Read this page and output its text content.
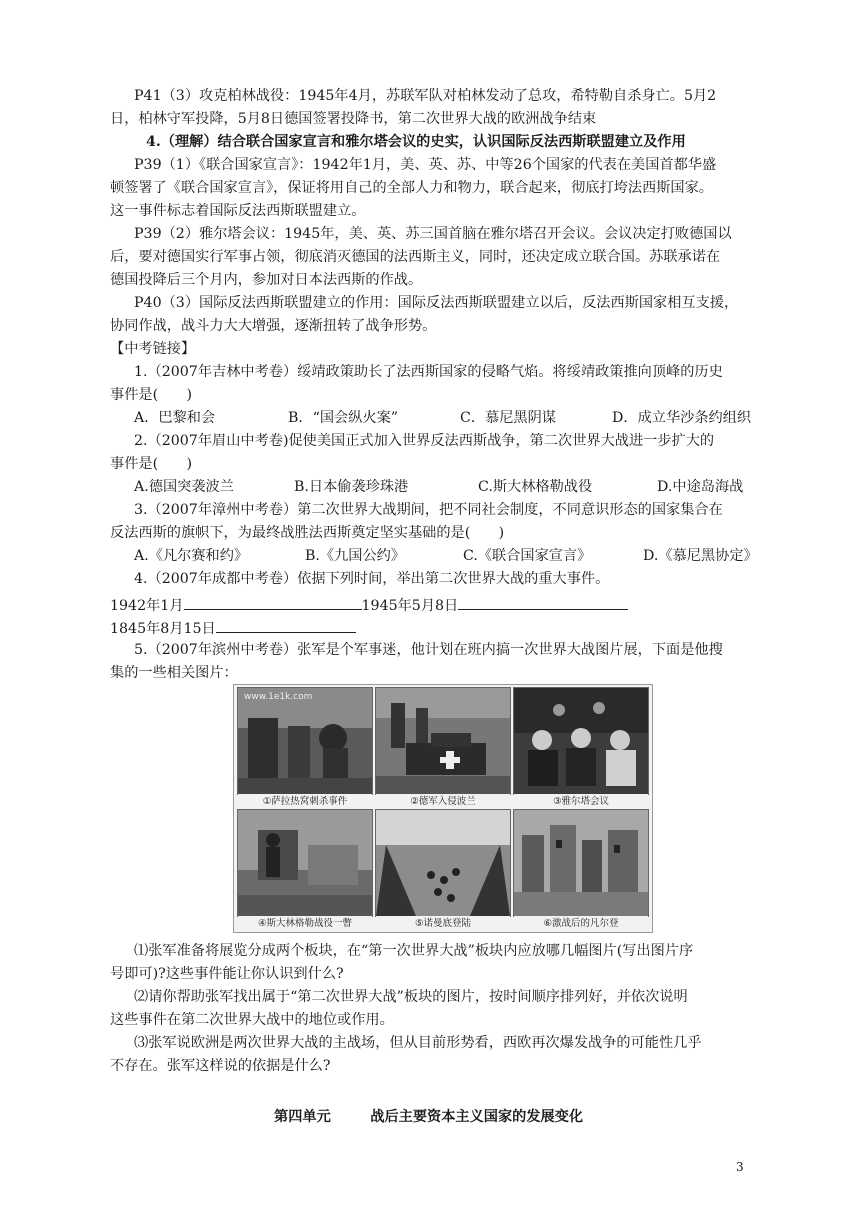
P41（3）攻克柏林战役：1945年4月，苏联军队对柏林发动了总攻，希特勒自杀身亡。5月2
日，柏林守军投降，5月8日德国签署投降书，第二次世界大战的欧洲战争结束
4.（理解）结合联合国家宣言和雅尔塔会议的史实，认识国际反法西斯联盟建立及作用
P39（1）《联合国家宣言》：1942年1月，美、英、苏、中等26个国家的代表在美国首都华盛
顿签署了《联合国家宣言》，保证将用自己的全部人力和物力，联合起来，彻底打垮法西斯国家。
这一事件标志着国际反法西斯联盟建立。
P39（2）雅尔塔会议：1945年，美、英、苏三国首脑在雅尔塔召开会议。会议决定打败德国以
后，要对德国实行军事占领，彻底消灭德国的法西斯主义，同时，还决定成立联合国。苏联承诺在
德国投降后三个月内，参加对日本法西斯的作战。
P40（3）国际反法西斯联盟建立的作用：国际反法西斯联盟建立以后，反法西斯国家相互支援，
协同作战，战斗力大大增强，逐渐扭转了战争形势。
【中考链接】
1.（2007年吉林中考卷）绥靖政策助长了法西斯国家的侵略气焰。将绥靖政策推向顶峰的历史
事件是(　　)
A．巴黎和会	B．“国会纵火案”	C．慕尼黑阴谋	D．成立华沙条约组织
2.（2007年眉山中考卷)促使美国正式加入世界反法西斯战争，第二次世界大战进一步扩大的
事件是(　　)
A.德国突袭波兰	B.日本偷袭珍珠港	C.斯大林格勒战役	D.中途岛海战
3.（2007年漳州中考卷）第二次世界大战期间，把不同社会制度，不同意识形态的国家集合在
反法西斯的旗帜下，为最终战胜法西斯奠定坚实基础的是(　　)
A.《凡尔赛和约》	B.《九国公约》	C.《联合国家宣言》	D.《慕尼黑协定》
4.（2007年成都中考卷）依据下列时间，举出第二次世界大战的重大事件。
1942年1月	1945年5月8日
1845年8月15日
5.（2007年滨州中考卷）张军是个军事迷，他计划在班内搞一次世界大战图片展，下面是他搜
集的一些相关图片：
www.1e1k.com
①萨拉热窝刺杀事件	②德军入侵波兰	③雅尔塔会议
④斯大林格勒战役一瞥	⑤诺曼底登陆	⑥激战后的凡尔登
⑴张军准备将展览分成两个板块，在“第一次世界大战”板块内应放哪几幅图片(写出图片序
号即可)?这些事件能让你认识到什么?
⑵请你帮助张军找出属于“第二次世界大战”板块的图片，按时间顺序排列好，并依次说明
这些事件在第二次世界大战中的地位或作用。
⑶张军说欧洲是两次世界大战的主战场，但从目前形势看，西欧再次爆发战争的可能性几乎
不存在。张军这样说的依据是什么?
第四单元	战后主要资本主义国家的发展变化
3
